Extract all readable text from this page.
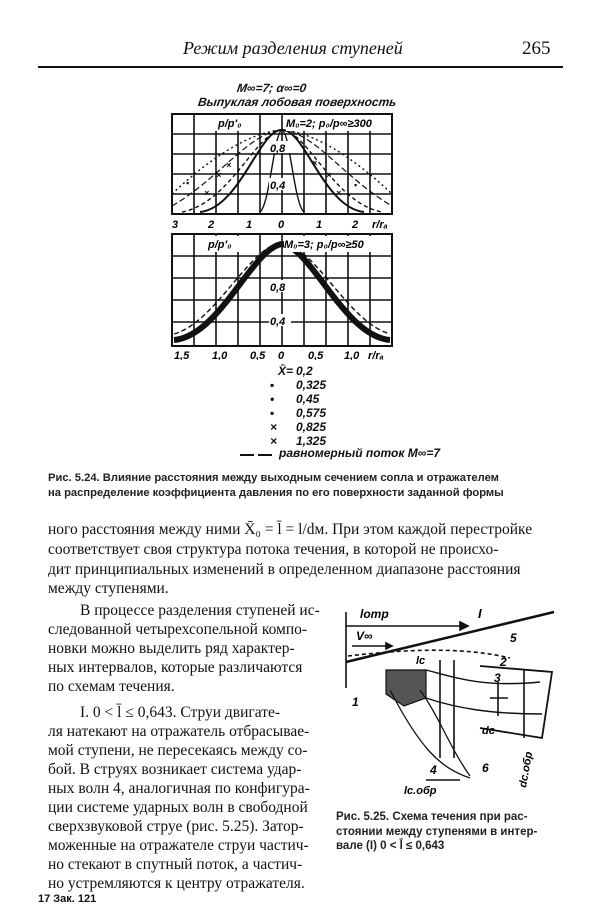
Режим разделения ступеней	265
M∞=7; α∞=0
Выпуклая лобовая поверхность
×
×
×
×
×
×
▪	▪
p/p'₀	M₀=2; p₀/p∞≥300
0,8
0,4
3	2	1 0	1	2 r/rₐ
p/p'₀	M₀=3; p₀/p∞≥50
0,8
0,4
1,5 1,0 0,5 0 0,5 1,0 r/rₐ
X̄=
▪
0,2
0,325
• 0,45
▪ 0,575
× 0,825
× 1,325
равномерный поток M∞=7
Рис. 5.24. Влияние расстояния между выходным сечением сопла и отражателем
на распределение коэффициента давления по его поверхности заданной формы
ного расстояния между ними X̄₀ = l̄ = l/dм. При этом каждой перестройке
соответствует своя структура потока течения, в которой не происхо-
дит принципиальных изменений в определенном диапазоне расстояния
между ступенями.
В процессе разделения ступеней ис-
следованной четырехсопельной компо-
новки можно выделить ряд характер-
ных интервалов, которые различаются
по схемам течения.
I. 0 < l̄ ≤ 0,643. Струи двигате-
ля натекают на отражатель отбрасывае-
мой ступени, не пересекаясь между со-
бой. В струях возникает система удар-
ных волн 4, аналогичная по конфигура-
ции системе ударных волн в свободной
сверхзвуковой струе (рис. 5.25). Затор-
моженные на отражателе струи частич-
но стекают в спутный поток, а частич-
но устремляются к центру отражателя.
lотр	I
V∞	5
lс	2
1
3
dс
dс.обр
4	6
lс.обр
Рис. 5.25. Схема течения при рас-
стоянии между ступенями в интер-
вале (I) 0 < l̄ ≤ 0,643
17 Зак. 121
